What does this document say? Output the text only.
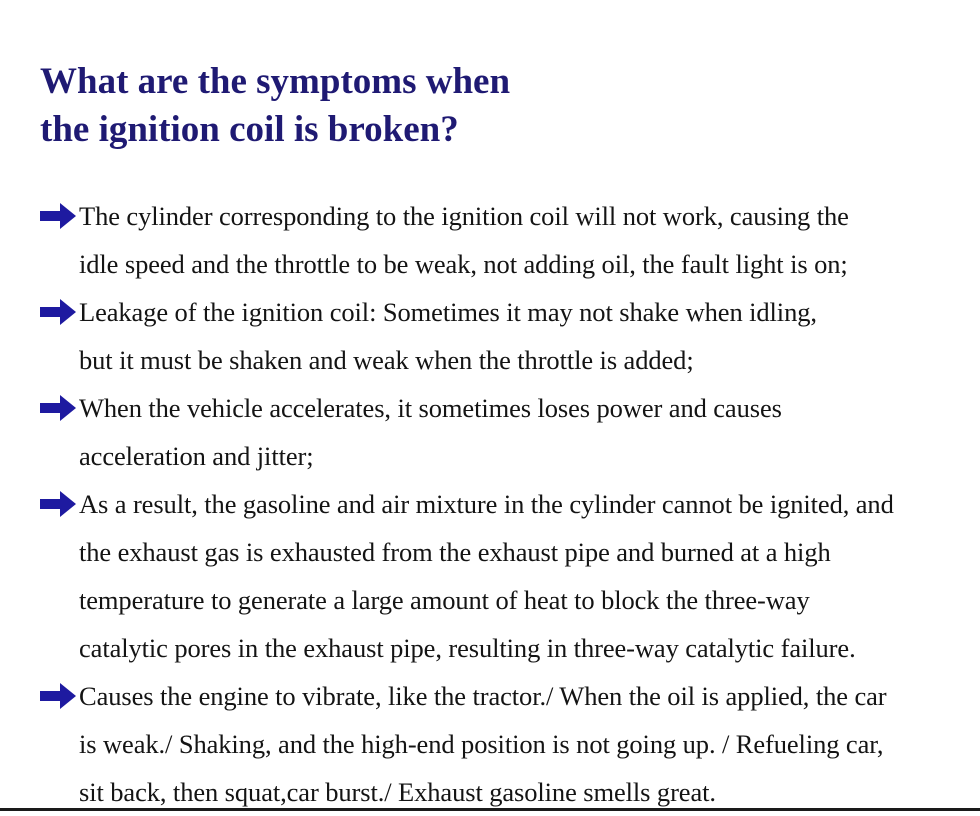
What are the symptoms when
the ignition coil is broken?
The cylinder corresponding to the ignition coil will not work, causing the
idle speed and the throttle to be weak, not adding oil, the fault light is on;
Leakage of the ignition coil: Sometimes it may not shake when idling,
but it must be shaken and weak when the throttle is added;
When the vehicle accelerates, it sometimes loses power and causes
acceleration and jitter;
As a result, the gasoline and air mixture in the cylinder cannot be ignited, and
the exhaust gas is exhausted from the exhaust pipe and burned at a high
temperature to generate a large amount of heat to block the three-way
catalytic pores in the exhaust pipe, resulting in three-way catalytic failure.
Causes the engine to vibrate, like the tractor./ When the oil is applied, the car
is weak./ Shaking, and the high-end position is not going up. / Refueling car,
sit back, then squat,car burst./ Exhaust gasoline smells great.
